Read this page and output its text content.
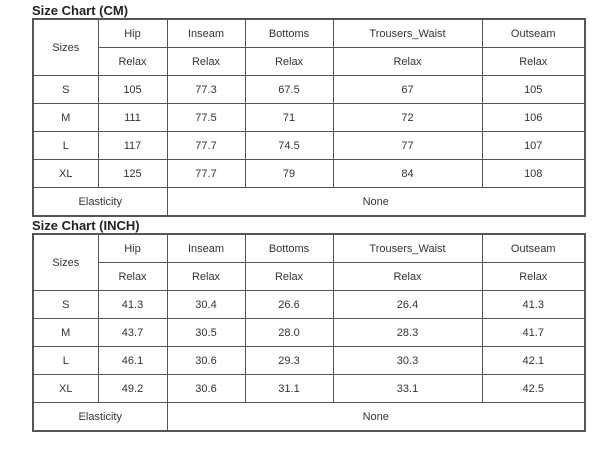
Size Chart (CM)
Sizes	Hip	Inseam	Bottoms	Trousers_Waist	Outseam
	Relax	Relax	Relax	Relax	Relax
S	105	77.3	67.5	67	105
M	111	77.5	71	72	106
L	117	77.7	74.5	77	107
XL	125	77.7	79	84	108
Elasticity		None			
Size Chart (INCH)
Sizes	Hip	Inseam	Bottoms	Trousers_Waist	Outseam
	Relax	Relax	Relax	Relax	Relax
S	41.3	30.4	26.6	26.4	41.3
M	43.7	30.5	28.0	28.3	41.7
L	46.1	30.6	29.3	30.3	42.1
XL	49.2	30.6	31.1	33.1	42.5
Elasticity		None			
